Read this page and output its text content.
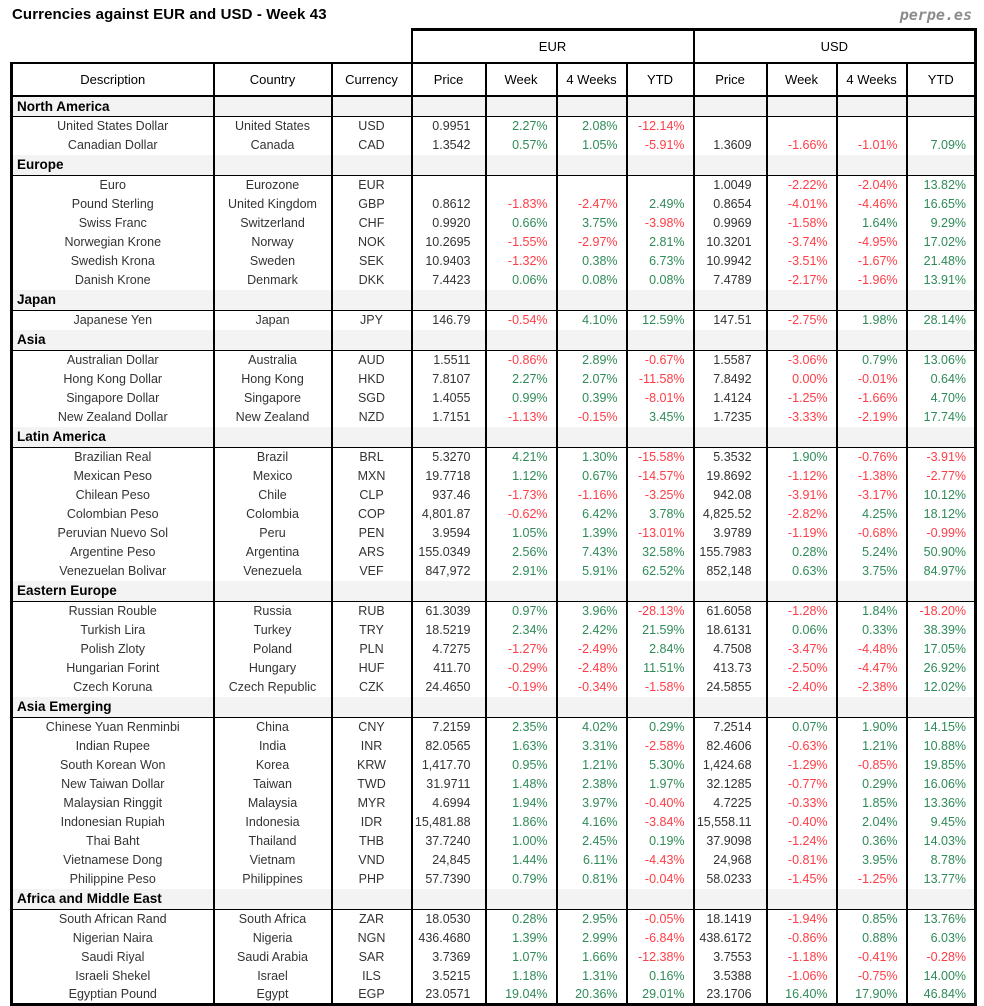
Currencies against EUR and USD - Week 43	perpe.es
			EUR				USD			
Description	Country	Currency	Price	Week	4 Weeks	YTD	Price	Week	4 Weeks	YTD
North America										
United States Dollar	United States	USD	0.9951	2.27%	2.08%	-12.14%				
Canadian Dollar	Canada	CAD	1.3542	0.57%	1.05%	-5.91%	1.3609	-1.66%	-1.01%	7.09%
Europe										
Euro	Eurozone	EUR					1.0049	-2.22%	-2.04%	13.82%
Pound Sterling	United Kingdom	GBP	0.8612	-1.83%	-2.47%	2.49%	0.8654	-4.01%	-4.46%	16.65%
Swiss Franc	Switzerland	CHF	0.9920	0.66%	3.75%	-3.98%	0.9969	-1.58%	1.64%	9.29%
Norwegian Krone	Norway	NOK	10.2695	-1.55%	-2.97%	2.81%	10.3201	-3.74%	-4.95%	17.02%
Swedish Krona	Sweden	SEK	10.9403	-1.32%	0.38%	6.73%	10.9942	-3.51%	-1.67%	21.48%
Danish Krone	Denmark	DKK	7.4423	0.06%	0.08%	0.08%	7.4789	-2.17%	-1.96%	13.91%
Japan										
Japanese Yen	Japan	JPY	146.79	-0.54%	4.10%	12.59%	147.51	-2.75%	1.98%	28.14%
Asia										
Australian Dollar	Australia	AUD	1.5511	-0.86%	2.89%	-0.67%	1.5587	-3.06%	0.79%	13.06%
Hong Kong Dollar	Hong Kong	HKD	7.8107	2.27%	2.07%	-11.58%	7.8492	0.00%	-0.01%	0.64%
Singapore Dollar	Singapore	SGD	1.4055	0.99%	0.39%	-8.01%	1.4124	-1.25%	-1.66%	4.70%
New Zealand Dollar	New Zealand	NZD	1.7151	-1.13%	-0.15%	3.45%	1.7235	-3.33%	-2.19%	17.74%
Latin America										
Brazilian Real	Brazil	BRL	5.3270	4.21%	1.30%	-15.58%	5.3532	1.90%	-0.76%	-3.91%
Mexican Peso	Mexico	MXN	19.7718	1.12%	0.67%	-14.57%	19.8692	-1.12%	-1.38%	-2.77%
Chilean Peso	Chile	CLP	937.46	-1.73%	-1.16%	-3.25%	942.08	-3.91%	-3.17%	10.12%
Colombian Peso	Colombia	COP	4,801.87	-0.62%	6.42%	3.78%	4,825.52	-2.82%	4.25%	18.12%
Peruvian Nuevo Sol	Peru	PEN	3.9594	1.05%	1.39%	-13.01%	3.9789	-1.19%	-0.68%	-0.99%
Argentine Peso	Argentina	ARS	155.0349	2.56%	7.43%	32.58%	155.7983	0.28%	5.24%	50.90%
Venezuelan Bolivar	Venezuela	VEF	847,972	2.91%	5.91%	62.52%	852,148	0.63%	3.75%	84.97%
Eastern Europe										
Russian Rouble	Russia	RUB	61.3039	0.97%	3.96%	-28.13%	61.6058	-1.28%	1.84%	-18.20%
Turkish Lira	Turkey	TRY	18.5219	2.34%	2.42%	21.59%	18.6131	0.06%	0.33%	38.39%
Polish Zloty	Poland	PLN	4.7275	-1.27%	-2.49%	2.84%	4.7508	-3.47%	-4.48%	17.05%
Hungarian Forint	Hungary	HUF	411.70	-0.29%	-2.48%	11.51%	413.73	-2.50%	-4.47%	26.92%
Czech Koruna	Czech Republic	CZK	24.4650	-0.19%	-0.34%	-1.58%	24.5855	-2.40%	-2.38%	12.02%
Asia Emerging										
Chinese Yuan Renminbi	China	CNY	7.2159	2.35%	4.02%	0.29%	7.2514	0.07%	1.90%	14.15%
Indian Rupee	India	INR	82.0565	1.63%	3.31%	-2.58%	82.4606	-0.63%	1.21%	10.88%
South Korean Won	Korea	KRW	1,417.70	0.95%	1.21%	5.30%	1,424.68	-1.29%	-0.85%	19.85%
New Taiwan Dollar	Taiwan	TWD	31.9711	1.48%	2.38%	1.97%	32.1285	-0.77%	0.29%	16.06%
Malaysian Ringgit	Malaysia	MYR	4.6994	1.94%	3.97%	-0.40%	4.7225	-0.33%	1.85%	13.36%
Indonesian Rupiah	Indonesia	IDR	15,481.88	1.86%	4.16%	-3.84%	15,558.11	-0.40%	2.04%	9.45%
Thai Baht	Thailand	THB	37.7240	1.00%	2.45%	0.19%	37.9098	-1.24%	0.36%	14.03%
Vietnamese Dong	Vietnam	VND	24,845	1.44%	6.11%	-4.43%	24,968	-0.81%	3.95%	8.78%
Philippine Peso	Philippines	PHP	57.7390	0.79%	0.81%	-0.04%	58.0233	-1.45%	-1.25%	13.77%
Africa and Middle East										
South African Rand	South Africa	ZAR	18.0530	0.28%	2.95%	-0.05%	18.1419	-1.94%	0.85%	13.76%
Nigerian Naira	Nigeria	NGN	436.4680	1.39%	2.99%	-6.84%	438.6172	-0.86%	0.88%	6.03%
Saudi Riyal	Saudi Arabia	SAR	3.7369	1.07%	1.66%	-12.38%	3.7553	-1.18%	-0.41%	-0.28%
Israeli Shekel	Israel	ILS	3.5215	1.18%	1.31%	0.16%	3.5388	-1.06%	-0.75%	14.00%
Egyptian Pound	Egypt	EGP	23.0571	19.04%	20.36%	29.01%	23.1706	16.40%	17.90%	46.84%
